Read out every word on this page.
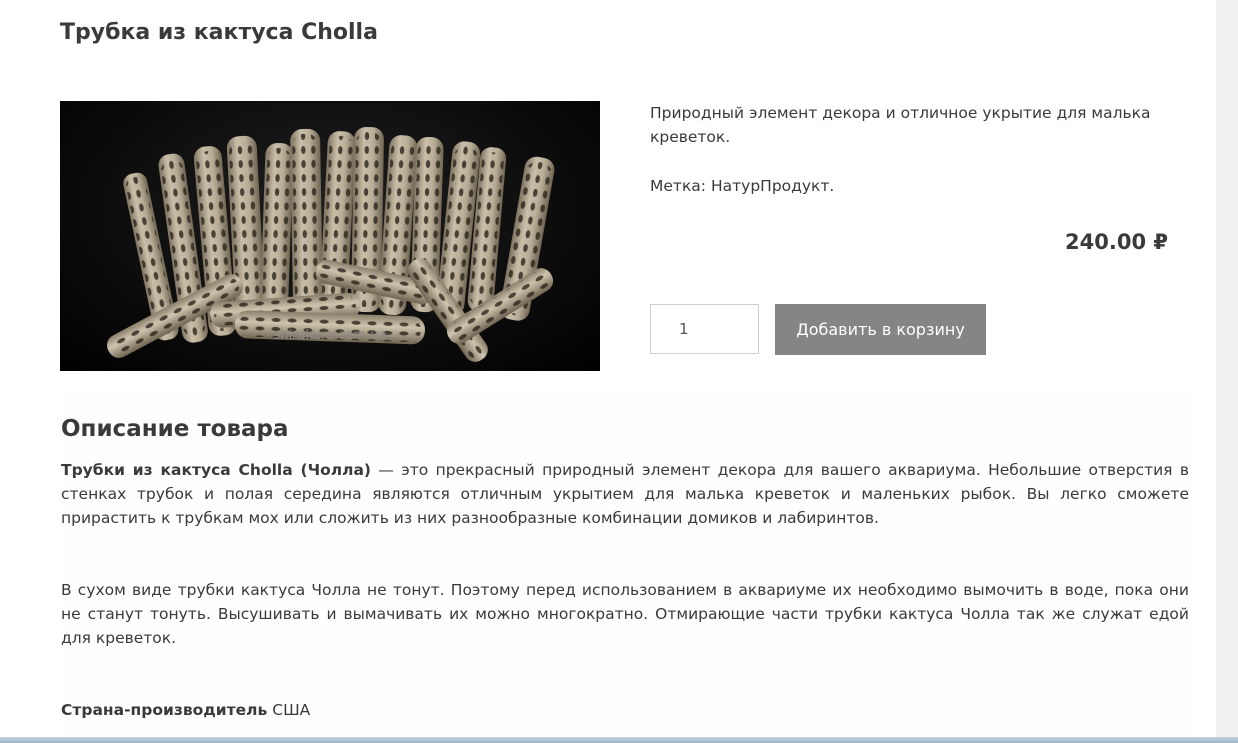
Трубка из кактуса Cholla
shirakura.com.ua

Природный элемент декора и отличное укрытие для малька креветок.

Метка: НатурПродукт.

240.00 ₽
1
Добавить в корзину
Описание товара

Трубки из кактуса Cholla (Чолла) — это прекрасный природный элемент декора для вашего аквариума. Небольшие отверстия в стенках трубок и полая середина являются отличным укрытием для малька креветок и маленьких рыбок. Вы легко сможете прирастить к трубкам мох или сложить из них разнообразные комбинации домиков и лабиринтов.

В сухом виде трубки кактуса Чолла не тонут. Поэтому перед использованием в аквариуме их необходимо вымочить в воде, пока они не станут тонуть. Высушивать и вымачивать их можно многократно. Отмирающие части трубки кактуса Чолла так же служат едой для креветок.

Страна-производитель США
